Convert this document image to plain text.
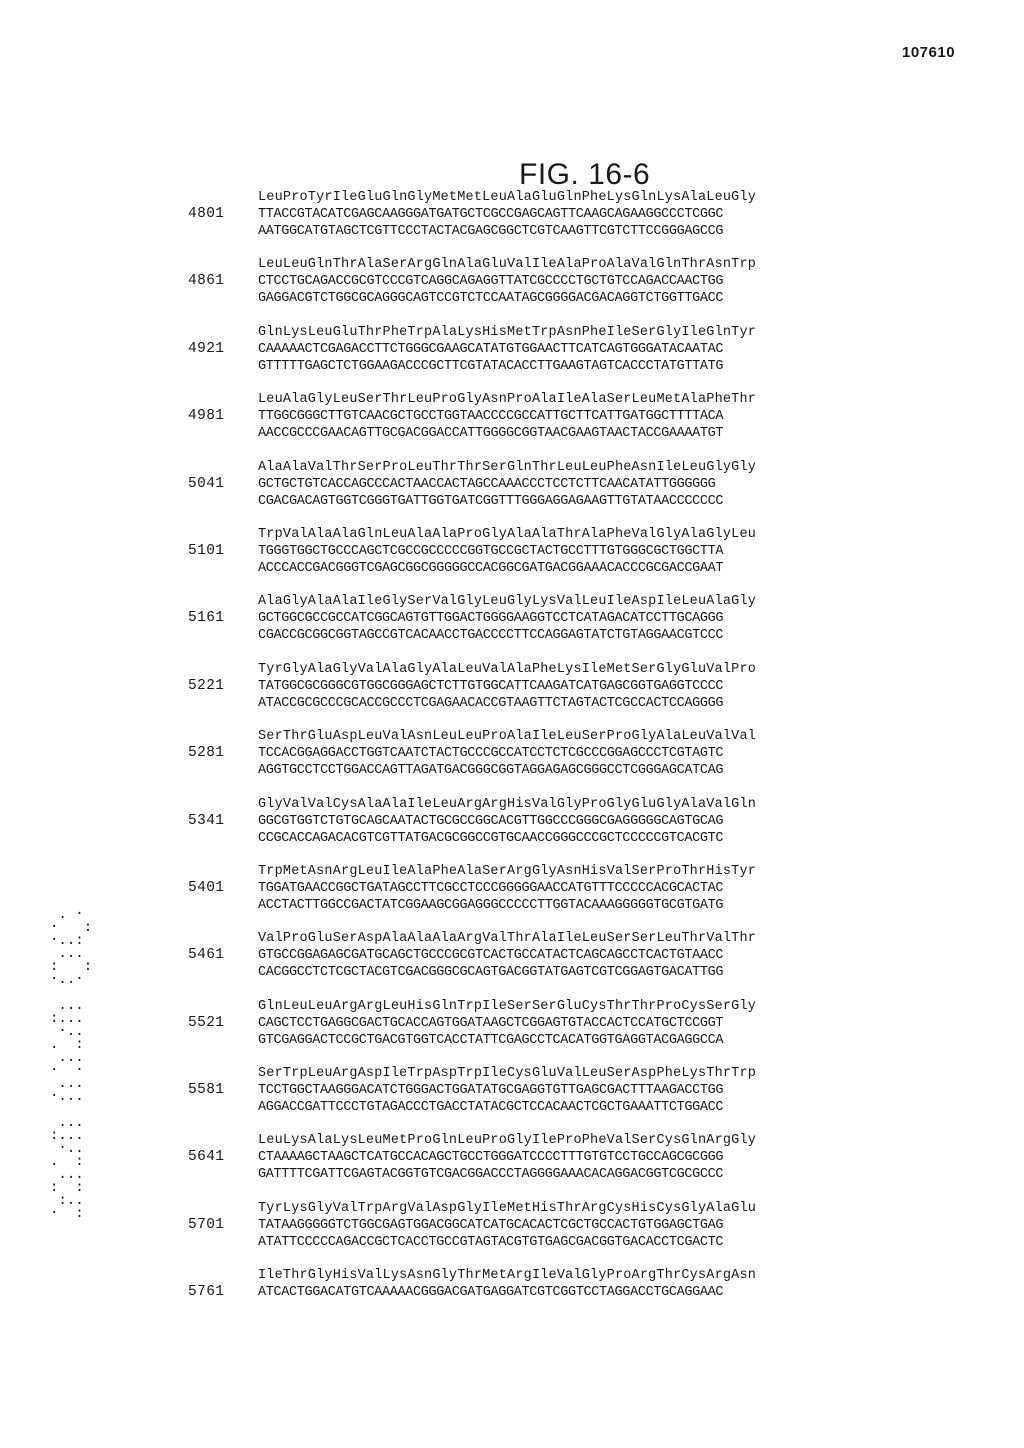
107610
FIG. 16-6
4801
LeuProTyrIleGluGlnGlyMetMetLeuAlaGluGlnPheLysGlnLysAlaLeuGly
TTACCGTACATCGAGCAAGGGATGATGCTCGCCGAGCAGTTCAAGCAGAAGGCCCTCGGC
AATGGCATGTAGCTCGTTCCCTACTACGAGCGGCTCGTCAAGTTCGTCTTCCGGGAGCCG
4861
LeuLeuGlnThrAlaSerArgGlnAlaGluValIleAlaProAlaValGlnThrAsnTrp
CTCCTGCAGACCGCGTCCCGTCAGGCAGAGGTTATCGCCCCTGCTGTCCAGACCAACTGG
GAGGACGTCTGGCGCAGGGCAGTCCGTCTCCAATAGCGGGGACGACAGGTCTGGTTGACC
4921
GlnLysLeuGluThrPheTrpAlaLysHisMetTrpAsnPheIleSerGlyIleGlnTyr
CAAAAACTCGAGACCTTCTGGGCGAAGCATATGTGGAACTTCATCAGTGGGATACAATAC
GTTTTTGAGCTCTGGAAGACCCGCTTCGTATACACCTTGAAGTAGTCACCCTATGTTATG
4981
LeuAlaGlyLeuSerThrLeuProGlyAsnProAlaIleAlaSerLeuMetAlaPheThr
TTGGCGGGCTTGTCAACGCTGCCTGGTAACCCCGCCATTGCTTCATTGATGGCTTTTACA
AACCGCCCGAACAGTTGCGACGGACCATTGGGGCGGTAACGAAGTAACTACCGAAAATGT
5041
AlaAlaValThrSerProLeuThrThrSerGlnThrLeuLeuPheAsnIleLeuGlyGly
GCTGCTGTCACCAGCCCACTAACCACTAGCCAAACCCTCCTCTTCAACATATTGGGGGG
CGACGACAGTGGTCGGGTGATTGGTGATCGGTTTGGGAGGAGAAGTTGTATAACCCCCCC
5101
TrpValAlaAlaGlnLeuAlaAlaProGlyAlaAlaThrAlaPheValGlyAlaGlyLeu
TGGGTGGCTGCCCAGCTCGCCGCCCCCGGTGCCGCTACTGCCTTTGTGGGCGCTGGCTTA
ACCCACCGACGGGTCGAGCGGCGGGGGCCACGGCGATGACGGAAACACCCGCGACCGAAT
5161
AlaGlyAlaAlaIleGlySerValGlyLeuGlyLysValLeuIleAspIleLeuAlaGly
GCTGGCGCCGCCATCGGCAGTGTTGGACTGGGGAAGGTCCTCATAGACATCCTTGCAGGG
CGACCGCGGCGGTAGCCGTCACAACCTGACCCCTTCCAGGAGTATCTGTAGGAACGTCCC
5221
TyrGlyAlaGlyValAlaGlyAlaLeuValAlaPheLysIleMetSerGlyGluValPro
TATGGCGCGGGCGTGGCGGGAGCTCTTGTGGCATTCAAGATCATGAGCGGTGAGGTCCCC
ATACCGCGCCCGCACCGCCCTCGAGAACACCGTAAGTTCTAGTACTCGCCACTCCAGGGG
5281
SerThrGluAspLeuValAsnLeuLeuProAlaIleLeuSerProGlyAlaLeuValVal
TCCACGGAGGACCTGGTCAATCTACTGCCCGCCATCCTCTCGCCCGGAGCCCTCGTAGTC
AGGTGCCTCCTGGACCAGTTAGATGACGGGCGGTAGGAGAGCGGGCCTCGGGAGCATCAG
5341
GlyValValCysAlaAlaIleLeuArgArgHisValGlyProGlyGluGlyAlaValGln
GGCGTGGTCTGTGCAGCAATACTGCGCCGGCACGTTGGCCCGGGCGAGGGGGCAGTGCAG
CCGCACCAGACACGTCGTTATGACGCGGCCGTGCAACCGGGCCCGCTCCCCCGTCACGTC
5401
TrpMetAsnArgLeuIleAlaPheAlaSerArgGlyAsnHisValSerProThrHisTyr
TGGATGAACCGGCTGATAGCCTTCGCCTCCCGGGGGAACCATGTTTCCCCCACGCACTAC
ACCTACTTGGCCGACTATCGGAAGCGGAGGGCCCCCTTGGTACAAAGGGGGTGCGTGATG
5461
ValProGluSerAspAlaAlaAlaArgValThrAlaIleLeuSerSerLeuThrValThr
GTGCCGGAGAGCGATGCAGCTGCCCGCGTCACTGCCATACTCAGCAGCCTCACTGTAACC
CACGGCCTCTCGCTACGTCGACGGGCGCAGTGACGGTATGAGTCGTCGGAGTGACATTGG
5521
GlnLeuLeuArgArgLeuHisGlnTrpIleSerSerGluCysThrThrProCysSerGly
CAGCTCCTGAGGCGACTGCACCAGTGGATAAGCTCGGAGTGTACCACTCCATGCTCCGGT
GTCGAGGACTCCGCTGACGTGGTCACCTATTCGAGCCTCACATGGTGAGGTACGAGGCCA
5581
SerTrpLeuArgAspIleTrpAspTrpIleCysGluValLeuSerAspPheLysThrTrp
TCCTGGCTAAGGGACATCTGGGACTGGATATGCGAGGTGTTGAGCGACTTTAAGACCTGG
AGGACCGATTCCCTGTAGACCCTGACCTATACGCTCCACAACTCGCTGAAATTCTGGACC
5641
LeuLysAlaLysLeuMetProGlnLeuProGlyIleProPheValSerCysGlnArgGly
CTAAAAGCTAAGCTCATGCCACAGCTGCCTGGGATCCCCTTTGTGTCCTGCCAGCGCGGG
GATTTTCGATTCGAGTACGGTGTCGACGGACCCTAGGGGAAACACAGGACGGTCGCGCCC
5701
TyrLysGlyValTrpArgValAspGlyIleMetHisThrArgCysHisCysGlyAlaGlu
TATAAGGGGGTCTGGCGAGTGGACGGCATCATGCACACTCGCTGCCACTGTGGAGCTGAG
ATATTCCCCCAGACCGCTCACCTGCCGTAGTACGTGTGAGCGACGGTGACACCTCGACTC
5761
IleThrGlyHisValLysAsnGlyThrMetArgIleValGlyProArgThrCysArgAsn
ATCACTGGACATGTCAAAAACGGGACGATGAGGATCGTCGGTCCTAGGACCTGCAGGAAC

. ·
·   :
·..:
...
:   :
·..·

...
:...
·..
.  :
...
·  ·
...
·...

...
:...
·..
.  :
...
:  :
:..
·  :
